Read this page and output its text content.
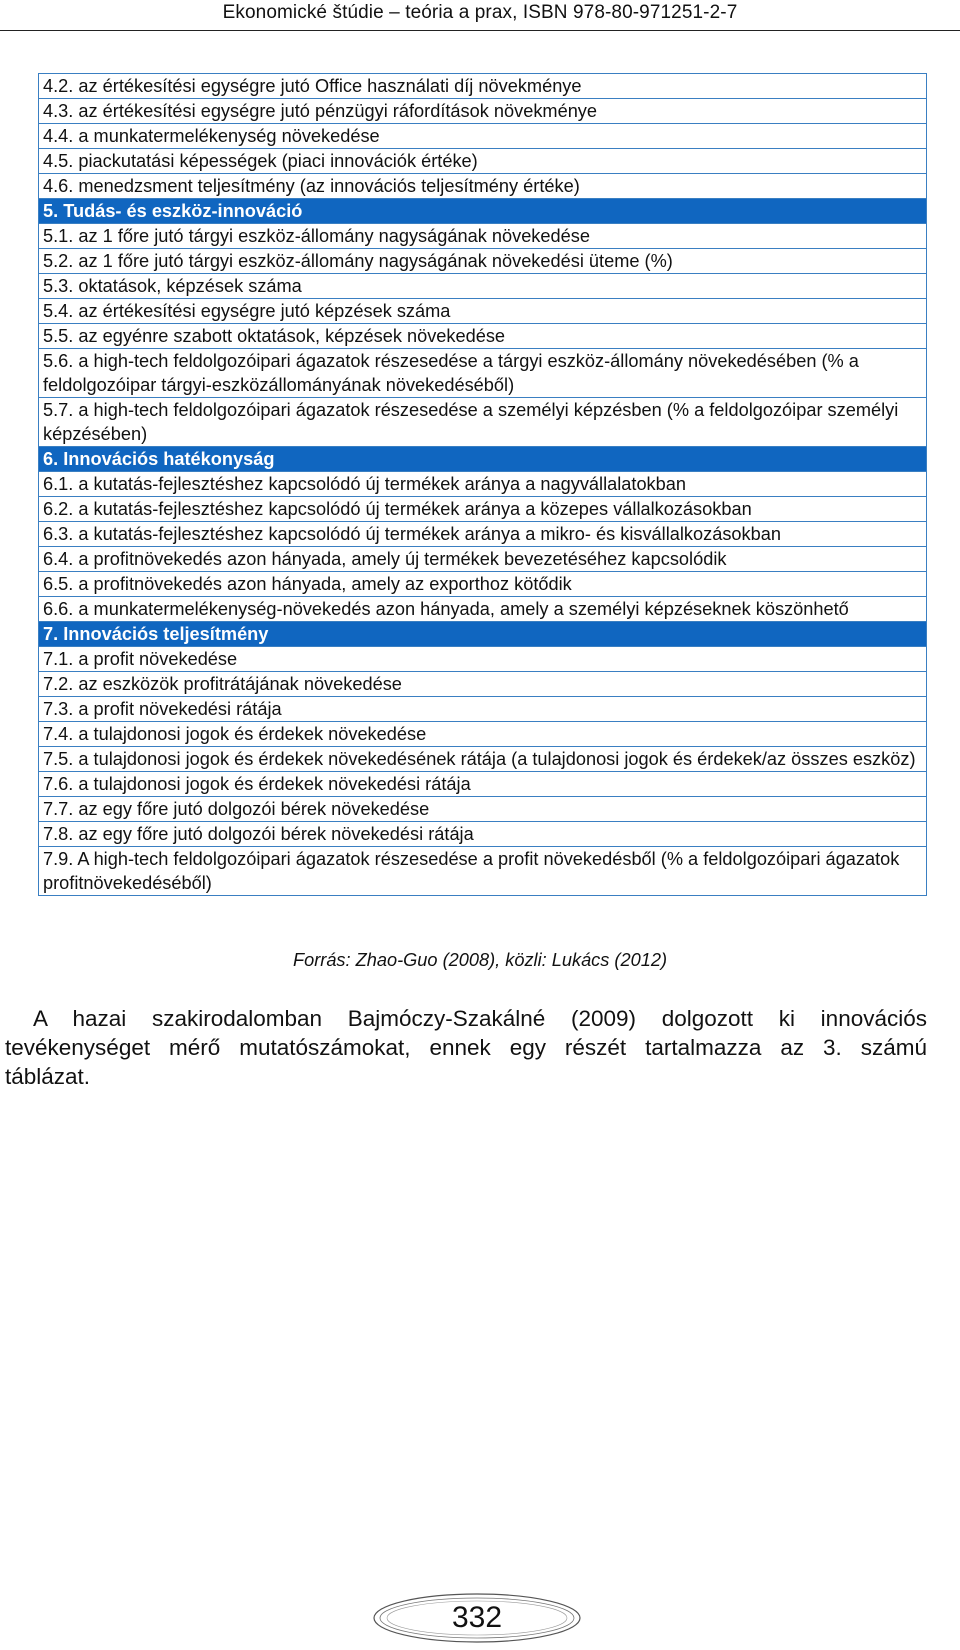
Ekonomické štúdie – teória a prax, ISBN 978-80-971251-2-7
4.2. az értékesítési egységre jutó Office használati díj növekménye
4.3. az értékesítési egységre jutó pénzügyi ráfordítások növekménye
4.4. a munkatermelékenység növekedése
4.5. piackutatási képességek (piaci innovációk értéke)
4.6. menedzsment teljesítmény (az innovációs teljesítmény értéke)
5. Tudás- és eszköz-innováció
5.1. az 1 főre jutó tárgyi eszköz-állomány nagyságának növekedése
5.2. az 1 főre jutó tárgyi eszköz-állomány nagyságának növekedési üteme (%)
5.3. oktatások, képzések száma
5.4. az értékesítési egységre jutó képzések száma
5.5. az egyénre szabott oktatások, képzések növekedése
5.6. a high-tech feldolgozóipari ágazatok részesedése a tárgyi eszköz-állomány növekedésében (% a feldolgozóipar tárgyi-eszközállományának növekedéséből)
5.7. a high-tech feldolgozóipari ágazatok részesedése a személyi képzésben (% a feldolgozóipar személyi képzésében)
6. Innovációs hatékonyság
6.1. a kutatás-fejlesztéshez kapcsolódó új termékek aránya a nagyvállalatokban
6.2. a kutatás-fejlesztéshez kapcsolódó új termékek aránya a közepes vállalkozásokban
6.3. a kutatás-fejlesztéshez kapcsolódó új termékek aránya a mikro- és kisvállalkozásokban
6.4. a profitnövekedés azon hányada, amely új termékek bevezetéséhez kapcsolódik
6.5. a profitnövekedés azon hányada, amely az exporthoz kötődik
6.6. a munkatermelékenység-növekedés azon hányada, amely a személyi képzéseknek köszönhető
7. Innovációs teljesítmény
7.1. a profit növekedése
7.2. az eszközök profitrátájának növekedése
7.3. a profit növekedési rátája
7.4. a tulajdonosi jogok és érdekek növekedése
7.5. a tulajdonosi jogok és érdekek növekedésének rátája (a tulajdonosi jogok és érdekek/az összes eszköz)
7.6. a tulajdonosi jogok és érdekek növekedési rátája
7.7. az egy főre jutó dolgozói bérek növekedése
7.8. az egy főre jutó dolgozói bérek növekedési rátája
7.9. A high-tech feldolgozóipari ágazatok részesedése a profit növekedésből (% a feldolgozóipari ágazatok profitnövekedéséből)
Forrás: Zhao-Guo (2008), közli: Lukács (2012)
A hazai szakirodalomban Bajmóczy-Szakálné (2009) dolgozott ki innovációs tevékenységet mérő mutatószámokat, ennek egy részét tartalmazza az 3. számú
táblázat.
332
